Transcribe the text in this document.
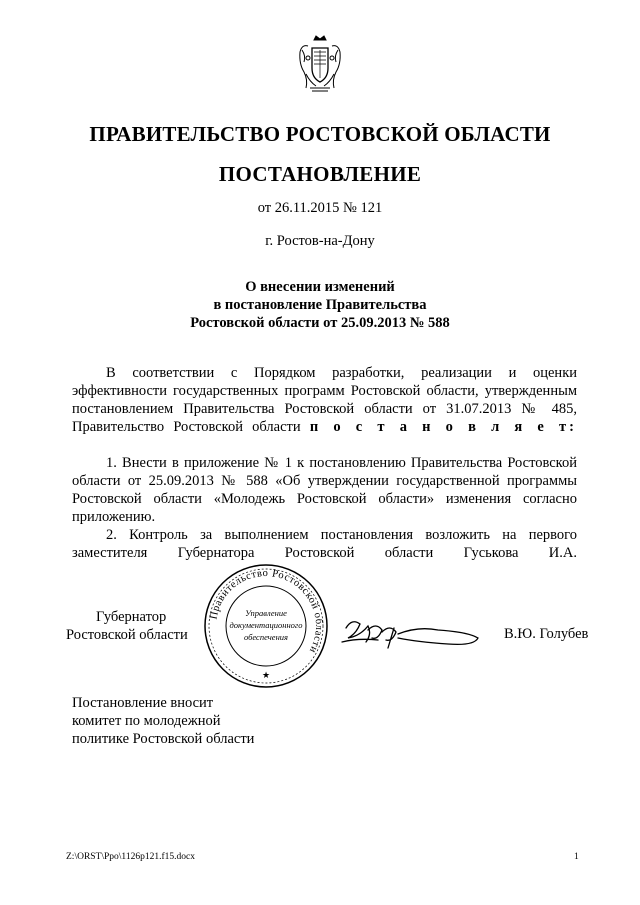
ПРАВИТЕЛЬСТВО РОСТОВСКОЙ ОБЛАСТИ
ПОСТАНОВЛЕНИЕ
от 26.11.2015 № 121
г. Ростов-на-Дону
О внесении изменений
в постановление Правительства
Ростовской области от 25.09.2013 № 588
В соответствии с Порядком разработки, реализации и оценки эффективности государственных программ Ростовской области, утвержденным постановлением Правительства Ростовской области от 31.07.2013 № 485, Правительство Ростовской области п о с т а н о в л я е т:
1. Внести в приложение № 1 к постановлению Правительства Ростовской области от 25.09.2013 № 588 «Об утверждении государственной программы Ростовской области «Молодежь Ростовской области» изменения согласно приложению.
2. Контроль за выполнением постановления возложить на первого заместителя Губернатора Ростовской области Гуськова И.А.
Губернатор
Ростовской области
Правительство Ростовской области
Управление
документационного
обеспечения
★
В.Ю. Голубев
Постановление вносит
комитет по молодежной
политике Ростовской области
Z:\ORST\Ppo\1126p121.f15.docx	1
